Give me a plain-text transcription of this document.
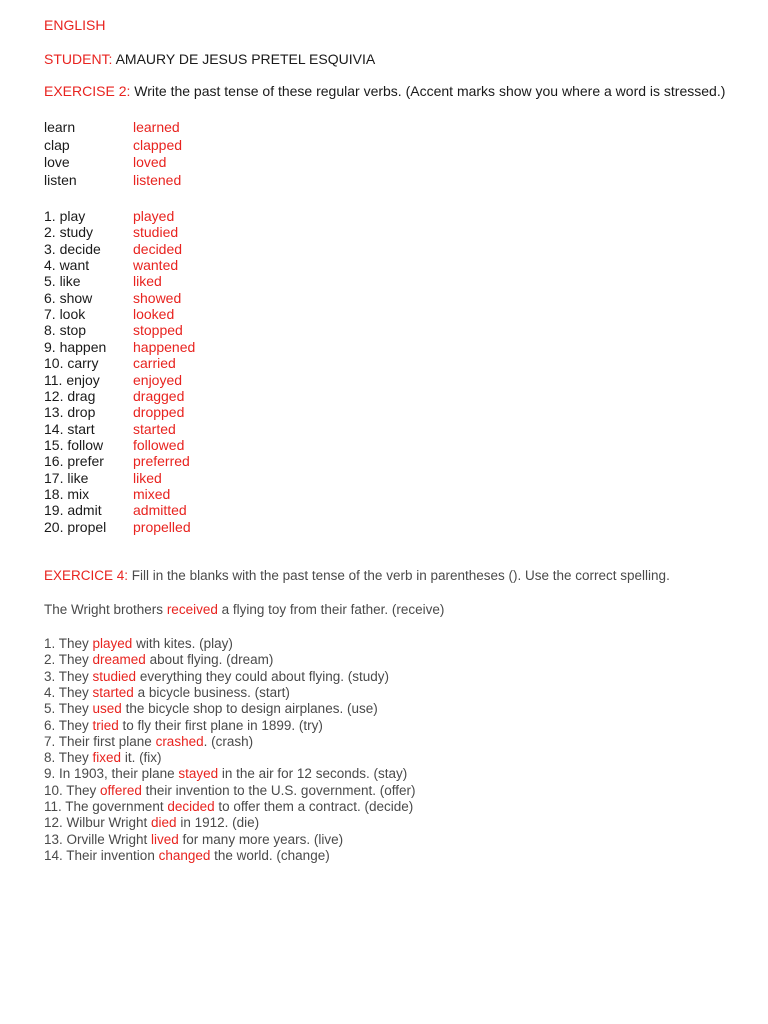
ENGLISH
STUDENT: AMAURY DE JESUS PRETEL ESQUIVIA
EXERCISE 2: Write the past tense of these regular verbs. (Accent marks show you where a word is stressed.)
learn	learned
clap	clapped
love	loved
listen	listened
1. play	played
2. study	studied
3. decide decided
4. want	wanted
5. like	liked
6. show	showed
7. look	looked
8. stop	stopped
9. happen happened
10. carry carried
11. enjoy enjoyed
12. drag	dragged
13. drop	dropped
14. start	started
15. follow followed
16. prefer preferred
17. like	liked
18. mix	mixed
19. admit admitted
20. propel propelled
EXERCICE 4: Fill in the blanks with the past tense of the verb in parentheses (). Use the correct spelling.
The Wright brothers received a flying toy from their father. (receive)
1. They played with kites. (play)
2. They dreamed about flying. (dream)
3. They studied everything they could about flying. (study)
4. They started a bicycle business. (start)
5. They used the bicycle shop to design airplanes. (use)
6. They tried to fly their first plane in 1899. (try)
7. Their first plane crashed. (crash)
8. They fixed it. (fix)
9. In 1903, their plane stayed in the air for 12 seconds. (stay)
10. They offered their invention to the U.S. government. (offer)
11. The government decided to offer them a contract. (decide)
12. Wilbur Wright died in 1912. (die)
13. Orville Wright lived for many more years. (live)
14. Their invention changed the world. (change)
